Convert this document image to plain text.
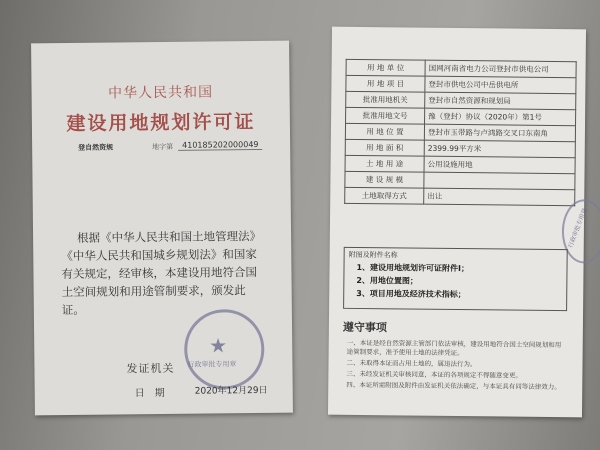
中华人民共和国
建设用地规划许可证
登自然资规	地字第	410185202000049
根据《中华人民共和国土地管理法》《中华人民共和国城乡规划法》和国家有关规定，经审核，本建设用地符合国土空间规划和用途管制要求，颁发此证。
★
行政审批专用章
发证机关
日　期	2020年12月29日
用 地 单 位	国网河南省电力公司登封市供电公司
用 地 项 目	登封市供电公司中岳供电所
批准用地机关	登封市自然资源和规划局
批准用地文号	豫（登封）协议（2020年）第1号
用 地 位 置	登封市玉带路与卢鸿路交叉口东南角
用 地 面 积	2399.99平方米
土 地 用 途	公用设施用地
建 设 规 模	
土地取得方式	出让
行政审批专用章
附图及附件名称
1、建设用地规划许可证附件I；
2、用地位置图；
3、项目用地及经济技术指标；
遵守事项
一、本证是经自然资源主管部门依法审核，建设用地符合国土空间规划和用途管制要求，准予使用土地的法律凭证。
二、未取得本证而占用土地的，属违法行为。
三、未经发证机关审核同意，本证的各项规定不得随意变更。
四、本证所需附图及附件由发证机关依法确定，与本证具有同等法律效力。
